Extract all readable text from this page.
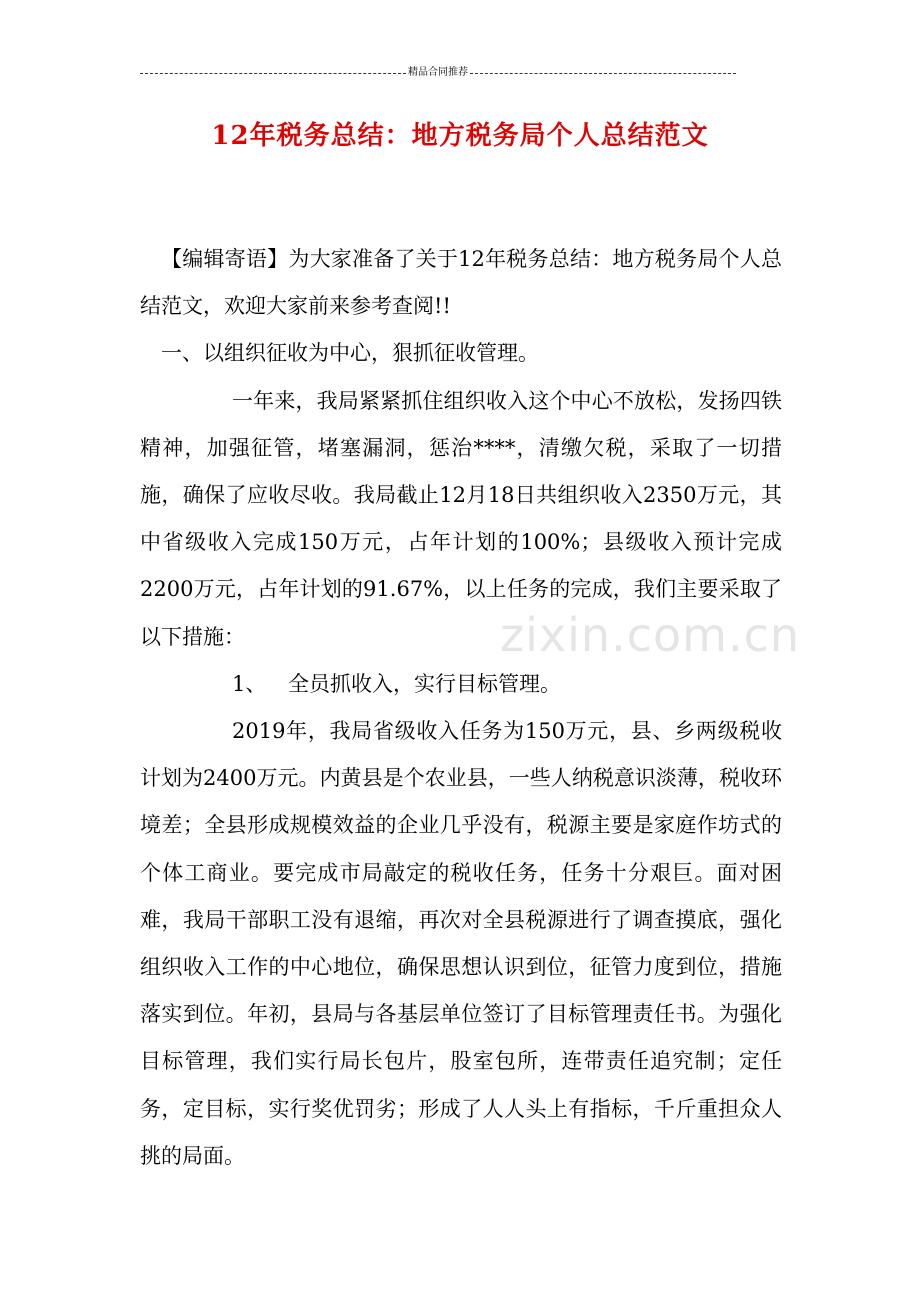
精品合同推荐
12年税务总结：地方税务局个人总结范文

【编辑寄语】为大家准备了关于12年税务总结：地方税务局个人总结范文，欢迎大家前来参考查阅!!

一、以组织征收为中心，狠抓征收管理。

一年来，我局紧紧抓住组织收入这个中心不放松，发扬四铁精神，加强征管，堵塞漏洞，惩治****，清缴欠税，采取了一切措施，确保了应收尽收。我局截止12月18日共组织收入2350万元，其中省级收入完成150万元，占年计划的100%；县级收入预计完成2200万元，占年计划的91.67%，以上任务的完成，我们主要采取了以下措施：

1、 全员抓收入，实行目标管理。

2019年，我局省级收入任务为150万元，县、乡两级税收计划为2400万元。内黄县是个农业县，一些人纳税意识淡薄，税收环境差；全县形成规模效益的企业几乎没有，税源主要是家庭作坊式的个体工商业。要完成市局敲定的税收任务，任务十分艰巨。面对困难，我局干部职工没有退缩，再次对全县税源进行了调查摸底，强化组织收入工作的中心地位，确保思想认识到位，征管力度到位，措施落实到位。年初，县局与各基层单位签订了目标管理责任书。为强化目标管理，我们实行局长包片，股室包所，连带责任追究制；定任务，定目标，实行奖优罚劣；形成了人人头上有指标，千斤重担众人挑的局面。

zixin.com.cn
